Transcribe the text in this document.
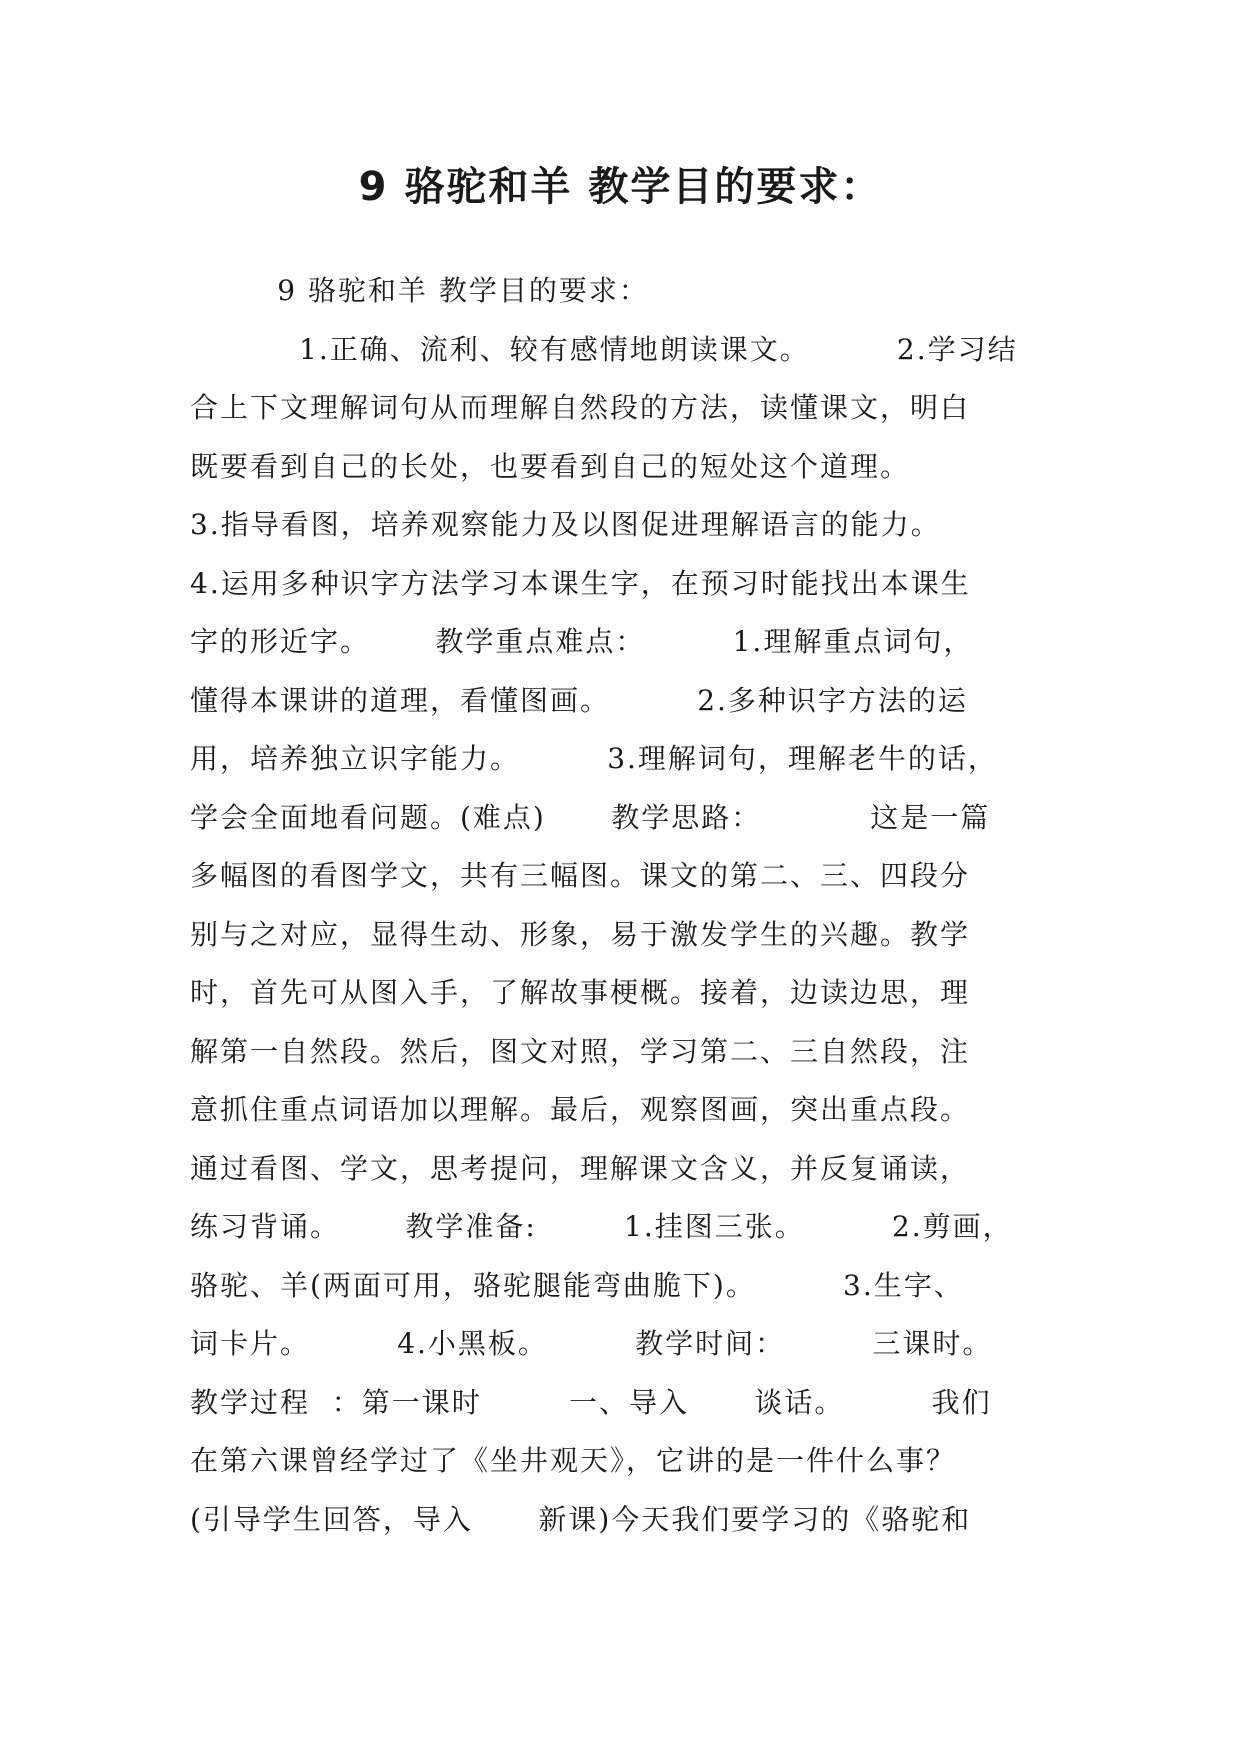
9 骆驼和羊 教学目的要求：
9 骆驼和羊 教学目的要求：
1.正确、流利、较有感情地朗读课文。        2.学习结
合上下文理解词句从而理解自然段的方法，读懂课文，明白
既要看到自己的长处，也要看到自己的短处这个道理。
3.指导看图，培养观察能力及以图促进理解语言的能力。
4.运用多种识字方法学习本课生字，在预习时能找出本课生
字的形近字。      教学重点难点：        1.理解重点词句，
懂得本课讲的道理，看懂图画。        2.多种识字方法的运
用，培养独立识字能力。        3.理解词句，理解老牛的话，
学会全面地看问题。(难点)      教学思路：          这是一篇
多幅图的看图学文，共有三幅图。课文的第二、三、四段分
别与之对应，显得生动、形象，易于激发学生的兴趣。教学
时，首先可从图入手，了解故事梗概。接着，边读边思，理
解第一自然段。然后，图文对照，学习第二、三自然段，注
意抓住重点词语加以理解。最后，观察图画，突出重点段。
通过看图、学文，思考提问，理解课文含义，并反复诵读，
练习背诵。      教学准备:        1.挂图三张。        2.剪画，
骆驼、羊(两面可用，骆驼腿能弯曲脆下)。        3.生字、
词卡片。        4.小黑板。        教学时间：        三课时。
教学过程  ：第一课时        一、导入      谈话。        我们
在第六课曾经学过了《坐井观天》，它讲的是一件什么事？
(引导学生回答，导入      新课)今天我们要学习的《骆驼和
